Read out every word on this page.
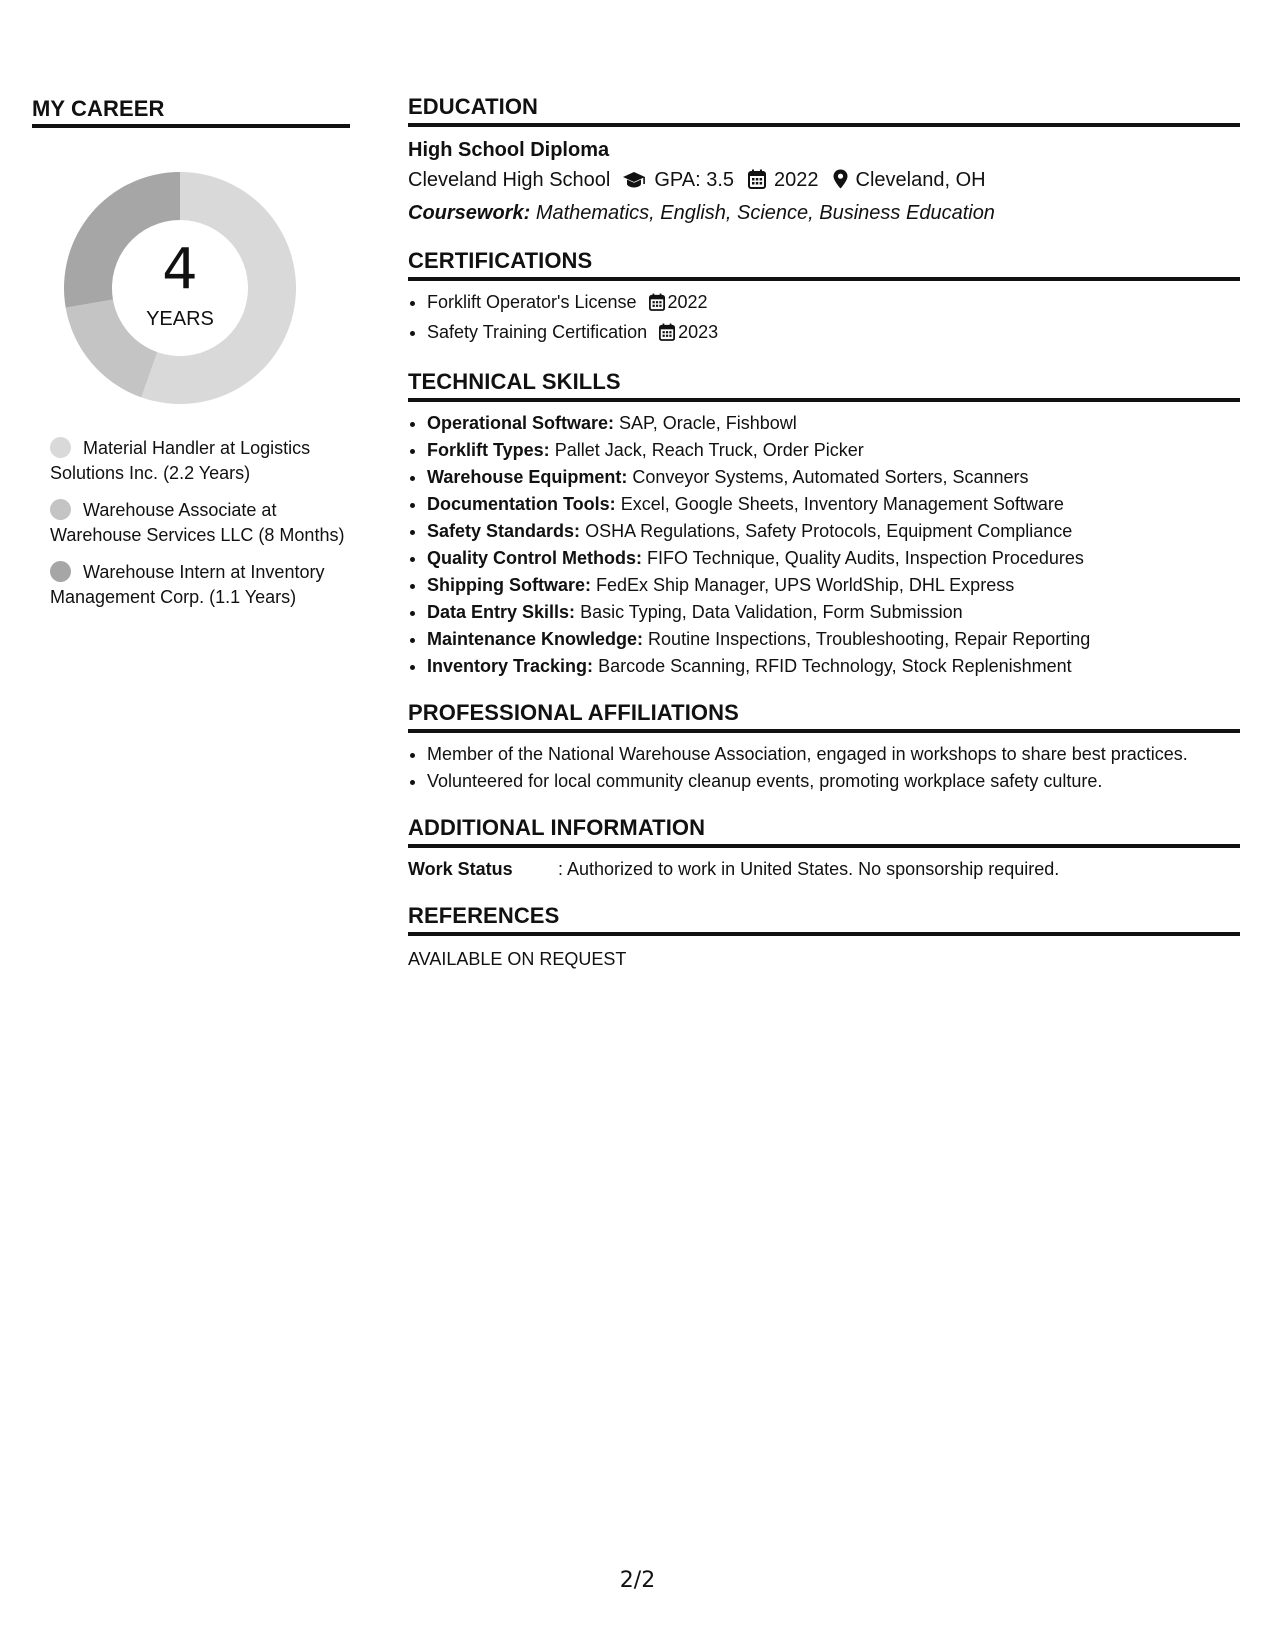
MY CAREER
4
YEARS
Material Handler at Logistics Solutions Inc. (2.2 Years)
Warehouse Associate at Warehouse Services LLC (8 Months)
Warehouse Intern at Inventory Management Corp. (1.1 Years)
EDUCATION

High School Diploma

Cleveland High School GPA: 3.5 2022 Cleveland, OH

Coursework: Mathematics, English, Science, Business Education

CERTIFICATIONS
• Forklift Operator's License 2022
• Safety Training Certification 2023
TECHNICAL SKILLS
• Operational Software: SAP, Oracle, Fishbowl
• Forklift Types: Pallet Jack, Reach Truck, Order Picker
• Warehouse Equipment: Conveyor Systems, Automated Sorters, Scanners
• Documentation Tools: Excel, Google Sheets, Inventory Management Software
• Safety Standards: OSHA Regulations, Safety Protocols, Equipment Compliance
• Quality Control Methods: FIFO Technique, Quality Audits, Inspection Procedures
• Shipping Software: FedEx Ship Manager, UPS WorldShip, DHL Express
• Data Entry Skills: Basic Typing, Data Validation, Form Submission
• Maintenance Knowledge: Routine Inspections, Troubleshooting, Repair Reporting
• Inventory Tracking: Barcode Scanning, RFID Technology, Stock Replenishment
PROFESSIONAL AFFILIATIONS
• Member of the National Warehouse Association, engaged in workshops to share best practices.
• Volunteered for local community cleanup events, promoting workplace safety culture.
ADDITIONAL INFORMATION
Work Status	: Authorized to work in United States. No sponsorship required.
REFERENCES
AVAILABLE ON REQUEST
2/2
